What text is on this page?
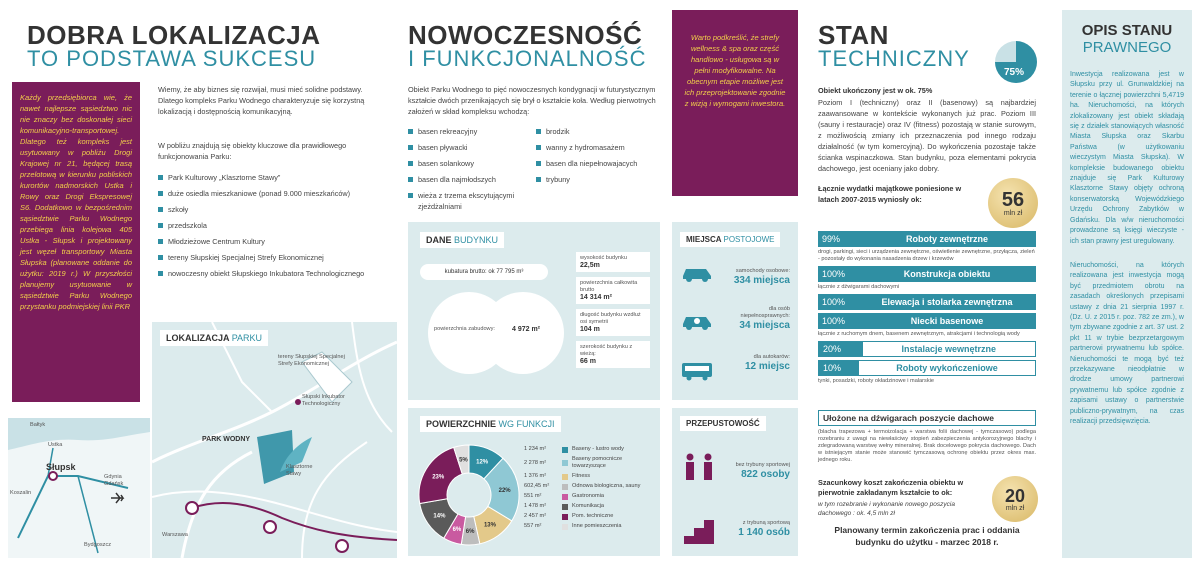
DOBRA LOKALIZACJA
TO PODSTAWA SUKCESU
Każdy przedsiębiorca wie, że nawet najlepsze sąsiedztwo nic nie znaczy bez doskonałej sieci komunikacyjno-transportowej. Dlatego też kompleks jest usytuowany w pobliżu Drogi Krajowej nr 21, będącej trasą przelotową w kierunku pobliskich kurortów nadmorskich Ustka i Rowy oraz Drogi Ekspresowej S6. Dodatkowo w bezpośrednim sąsiedztwie Parku Wodnego przebiega linia kolejowa 405 Ustka - Słupsk i projektowany jest węzeł transportowy Miasta Słupska (planowane oddanie do użytku: 2019 r.) W przyszłości planujemy usytuowanie w sąsiedztwie Parku Wodnego przystanku podmiejskiej linii PKR
Wiemy, że aby biznes się rozwijał, musi mieć solidne podstawy. Dlatego kompleks Parku Wodnego charakteryzuje się korzystną lokalizacją i dostępnością komunikacyjną.
W pobliżu znajdują się obiekty kluczowe dla prawidłowego funkcjonowania Parku:
Park Kulturowy „Klasztorne Stawy”
duże osiedla mieszkaniowe (ponad 9.000 mieszkańców)
szkoły
przedszkola
Młodzieżowe Centrum Kultury
tereny Słupskiej Specjalnej Strefy Ekonomicznej
nowoczesny obiekt Słupskiego Inkubatora Technologicznego
Bałtyk
Ustka
Słupsk
Gdynia
Gdańsk
Koszalin
Bydgoszcz
LOKALIZACJA PARKU
tereny Słupskiej Specjalnej Strefy Ekonomicznej
Słupski Inkubator Technologiczny
PARK WODNY
Klasztorne Stawy
Warszawa
NOWOCZESNOŚĆ
I FUNKCJONALNOŚĆ
Obiekt Parku Wodnego to pięć nowoczesnych kondygnacji w futurystycznym kształcie dwóch przenikających się brył o kształcie koła. Według pierwotnych założeń w skład kompleksu wchodzą:
basen rekreacyjny
basen pływacki
basen solankowy
basen dla najmłodszych
wieża z trzema ekscytującymi zjeżdżalniami
brodzik
wanny z hydromasażem
basen dla niepełnowajacych
trybuny
Warto podkreślić, że strefy wellness & spa oraz część handlowo - usługowa są w pełni modyfikowalne. Na obecnym etapie możliwe jest ich przeprojektowanie zgodnie z wizją i wymogami inwestora.
DANE BUDYNKU
kubatura brutto: ok 77 795 m³
powierzchnia zabudowy: 4 972 m²
wysokość budynku
22,5m
powierzchnia całkowita brutto
14 314 m²
długość budynku wzdłuż osi symetrii
104 m
szerokość budynku z wieżą:
66 m
MIEJSCA POSTOJOWE
samochody osobowe:
334 miejsca
dla osób niepełnosprawnych:
34 miejsca
dla autokarów:
12 miejsc
POWIERZCHNIE WG FUNKCJI
12%
22%
13%
6%
6%
14%
23%
5%
1 234 m²	Baseny - lustro wody
2 278 m²
Baseny pomocnicze towarzyszące
1 376 m²	Fitness
602,45 m²	Odnowa biologiczna, sauny
551 m²	Gastronomia
1 478 m²	Komunikacja
2 457 m²	Pom. techniczne
557 m²	Inne pomieszczenia
PRZEPUSTOWOŚĆ
bez trybuny sportowej
822 osoby
z trybuną sportową
1 140 osób
STAN
TECHNICZNY
75%
Obiekt ukończony jest w ok. 75%
Poziom I (techniczny) oraz II (basenowy) są najbardziej zaawansowane w kontekście wykonanych już prac. Poziom III (sauny i restauracje) oraz IV (fitness) pozostają w stanie surowym, z możliwością zmiany ich przeznaczenia pod innego rodzaju działalność (w tym komercyjną). Do wykończenia pozostaje także ścianka wspinaczkowa. Stan budynku, poza elementami pokrycia dachowego, jest oceniany jako dobry.
Łącznie wydatki majątkowe poniesione w latach 2007-2015 wyniosły ok:	56
mln zł
99%	Roboty zewnętrzne
drogi, parkingi, sieci i urządzenia zewnętrzne, oświetlenie zewnętrzne, przyłącza, zieleń - pozostały do wykonania nasadzenia drzew i krzewów
100%	Konstrukcja obiektu
łącznie z dźwigarami dachowymi
100%	Elewacja i stolarka zewnętrzna
100%	Niecki basenowe
łącznie z ruchomym dnem, basenem zewnętrznym, atrakcjami i technologią wody
20%	Instalacje wewnętrzne
10%	Roboty wykończeniowe
tynki, posadzki, roboty okładzinowe i malarskie
Ułożone na dźwigarach poszycie dachowe
(blacha trapezowa + termoizolacja + warstwa folii dachowej - tymczasowo) podlega rozebraniu z uwagi na niewłaściwy stopień zabezpieczenia antykorozyjnego blachy i zdegradowaną warstwę wełny mineralnej. Brak docelowego pokrycia dachowego. Dach w istniejącym stanie może stanowić tymczasową ochronę obiektu przez okres max. jednego roku.
Szacunkowy koszt zakończenia obiektu w pierwotnie zakładanym kształcie to ok:
w tym rozebranie i wykonanie nowego poszycia dachowego : ok. 4,5 mln zł
20
mln zł
Planowany termin zakończenia prac i oddania budynku do użytku - marzec 2018 r.
OPIS STANU
PRAWNEGO
Inwestycja realizowana jest w Słupsku przy ul. Grunwaldzkiej na terenie o łącznej powierzchni 5,4719 ha. Nieruchomości, na których zlokalizowany jest obiekt składają się z działek stanowiących własność Miasta Słupska oraz Skarbu Państwa (w użytkowaniu wieczystym Miasta Słupska). W kompleksie budowanego obiektu znajduje się Park Kulturowy Klasztorne Stawy objęty ochroną konserwatorską Wojewódzkiego Urzędu Ochrony Zabytków w Gdańsku. Dla w/w nieruchomości prowadzone są księgi wieczyste - ich stan prawny jest uregulowany.
Nieruchomości, na których realizowana jest inwestycja mogą być przedmiotem obrotu na zasadach określonych przepisami ustawy z dnia 21 sierpnia 1997 r. (Dz. U. z 2015 r. poz. 782 ze zm.), w tym zbywane zgodnie z art. 37 ust. 2 pkt 11 w trybie bezprzetargowym partnerowi prywatnemu lub spółce. Nieruchomości te mogą być też przekazywane nieodpłatnie w drodze umowy partnerowi prywatnemu lub spółce zgodnie z zapisami ustawy o partnerstwie publiczno-prywatnym, na czas realizacji przedsięwzięcia.
